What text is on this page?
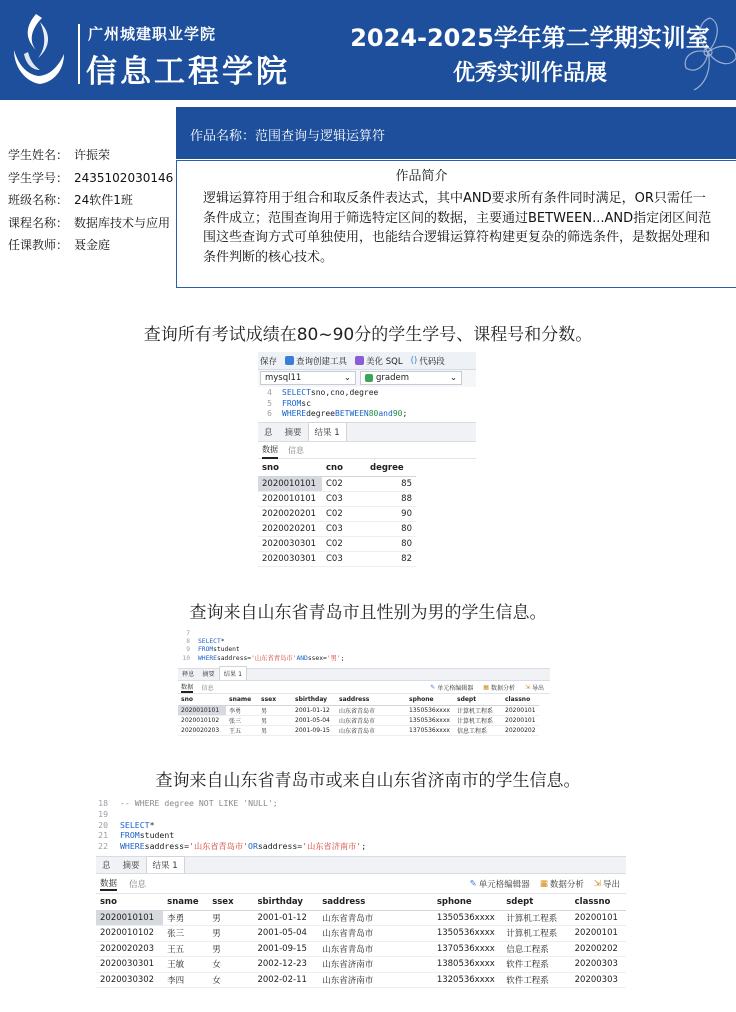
广州城建职业学院
信息工程学院
2024-2025学年第二学期实训室
优秀实训作品展
作品名称：范围查询与逻辑运算符
学生姓名： 许振荣
学生学号： 2435102030146
班级名称： 24软件1班
课程名称： 数据库技术与应用
任课教师： 聂金庭
作品简介
逻辑运算符用于组合和取反条件表达式，其中AND要求所有条件同时满足，OR只需任一条件成立；范围查询用于筛选特定区间的数据，主要通过BETWEEN...AND指定闭区间范围这些查询方式可单独使用，也能结合逻辑运算符构建更复杂的筛选条件，是数据处理和条件判断的核心技术。
查询所有考试成绩在80~90分的学生学号、课程号和分数。
保存 查询创建工具 美化 SQL () 代码段
mysql11	⌄	gradem	⌄
4 SELECT sno,cno,degree
5 FROM sc
6 WHERE degree BETWEEN 80 and 90 ;
息	摘要	结果 1
数据 信息
sno	cno	degree
2020010101	C02	85
2020010101	C03	88
2020020201	C02	90
2020020201	C03	80
2020030301	C02	80
2020030301	C03	82
查询来自山东省青岛市且性别为男的学生信息。
7
8 SELECT *
9 FROM student
10 WHERE saddress= '山东省青岛市' AND ssex= '男' ;
释息	摘要	结果 1
数据 信息	✎ 单元格编辑器 ▦ 数据分析 ⇲ 导出
sno	sname	ssex	sbirthday	saddress	sphone	sdept	classno
2020010101	李勇	男	2001-01-12	山东省青岛市	1350536xxxx	计算机工程系	20200101
2020010102	张三	男	2001-05-04	山东省青岛市	1350536xxxx	计算机工程系	20200101
2020020203	王五	男	2001-09-15	山东省青岛市	1370536xxxx	信息工程系	20200202
查询来自山东省青岛市或来自山东省济南市的学生信息。
18 -- WHERE degree NOT LIKE 'NULL';
19
20 SELECT *
21 FROM student
22 WHERE saddress= '山东省青岛市' OR saddress= '山东省济南市' ;
息	摘要	结果 1
数据 信息	✎ 单元格编辑器 ▦ 数据分析 ⇲ 导出
sno	sname	ssex	sbirthday	saddress	sphone	sdept	classno
2020010101	李勇	男	2001-01-12	山东省青岛市	1350536xxxx	计算机工程系	20200101
2020010102	张三	男	2001-05-04	山东省青岛市	1350536xxxx	计算机工程系	20200101
2020020203	王五	男	2001-09-15	山东省青岛市	1370536xxxx	信息工程系	20200202
2020030301	王敏	女	2002-12-23	山东省济南市	1380536xxxx	软件工程系	20200303
2020030302	李四	女	2002-02-11	山东省济南市	1320536xxxx	软件工程系	20200303
